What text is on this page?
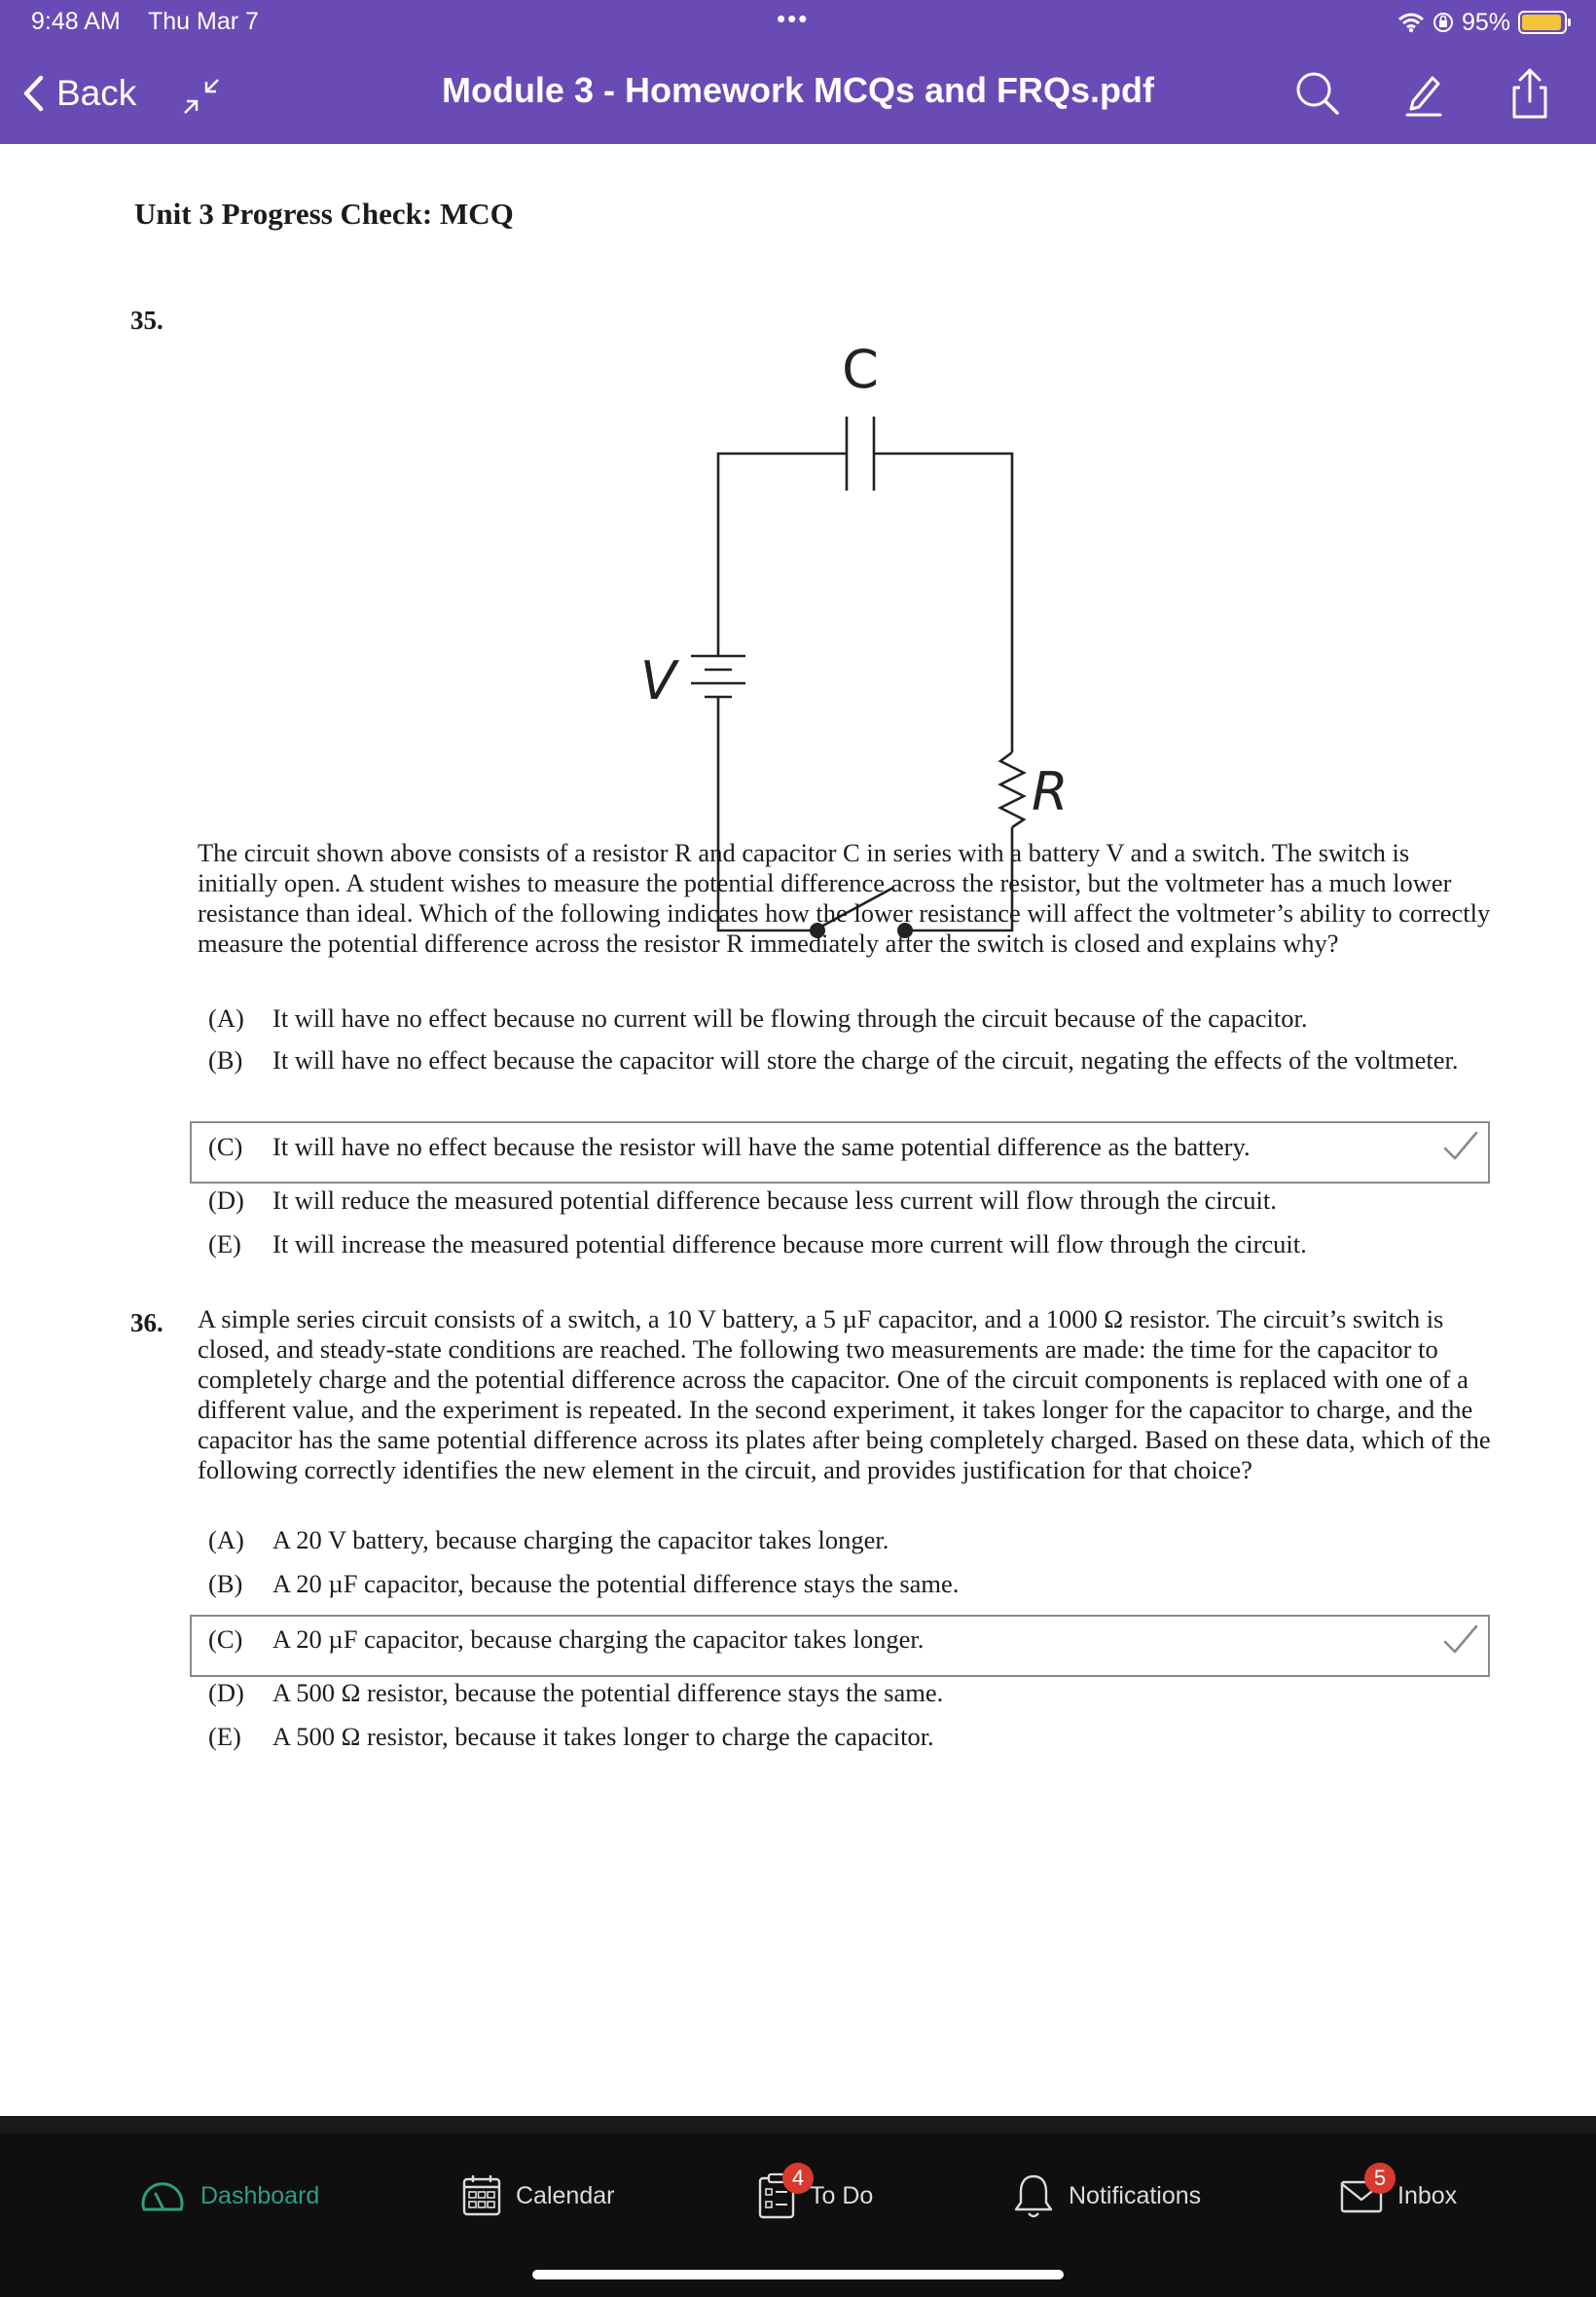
9:48 AM Thu Mar 7	•••	95%
Back	Module 3 - Homework MCQs and FRQs.pdf
Unit 3 Progress Check: MCQ
35.
C
V
R
The circuit shown above consists of a resistor R and capacitor C in series with a battery V and a switch. The switch is initially open. A student wishes to measure the potential difference across the resistor, but the voltmeter has a much lower resistance than ideal. Which of the following indicates how the lower resistance will affect the voltmeter’s ability to correctly measure the potential difference across the resistor R immediately after the switch is closed and explains why?
(A)	It will have no effect because no current will be flowing through the circuit because of the capacitor.
(B)	It will have no effect because the capacitor will store the charge of the circuit, negating the effects of the voltmeter.
(C)	It will have no effect because the resistor will have the same potential difference as the battery.
(D)	It will reduce the measured potential difference because less current will flow through the circuit.
(E)	It will increase the measured potential difference because more current will flow through the circuit.
36. A simple series circuit consists of a switch, a 10 V battery, a 5 µF capacitor, and a 1000 Ω resistor. The circuit’s switch is closed, and steady-state conditions are reached. The following two measurements are made: the time for the capacitor to completely charge and the potential difference across the capacitor. One of the circuit components is replaced with one of a different value, and the experiment is repeated. In the second experiment, it takes longer for the capacitor to charge, and the capacitor has the same potential difference across its plates after being completely charged. Based on these data, which of the following correctly identifies the new element in the circuit, and provides justification for that choice?
(A)	A 20 V battery, because charging the capacitor takes longer.
(B)	A 20 µF capacitor, because the potential difference stays the same.
(C)	A 20 µF capacitor, because charging the capacitor takes longer.
(D)	A 500 Ω resistor, because the potential difference stays the same.
(E)	A 500 Ω resistor, because it takes longer to charge the capacitor.
Dashboard	Calendar	To Do
4
Notifications	Inbox
5
